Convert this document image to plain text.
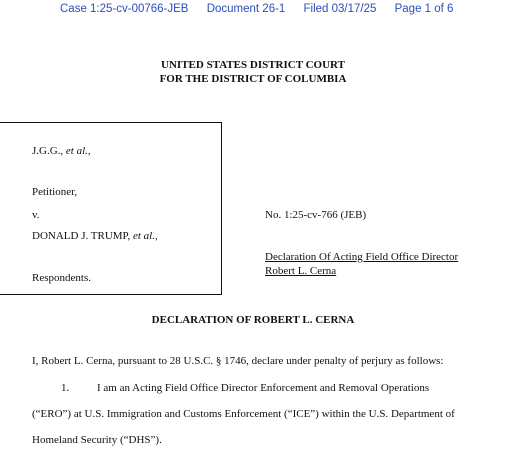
Case 1:25-cv-00766-JEB Document 26-1 Filed 03/17/25 Page 1 of 6
UNITED STATES DISTRICT COURT
FOR THE DISTRICT OF COLUMBIA
J.G.G., et al.,
Petitioner,
v.
DONALD J. TRUMP, et al.,
Respondents.
No. 1:25-cv-766 (JEB)
Declaration Of Acting Field Office Director
Robert L. Cerna
DECLARATION OF ROBERT L. CERNA
I, Robert L. Cerna, pursuant to 28 U.S.C. § 1746, declare under penalty of perjury as follows:
1.	I am an Acting Field Office Director Enforcement and Removal Operations
(“ERO”) at U.S. Immigration and Customs Enforcement (“ICE”) within the U.S. Department of
Homeland Security (“DHS”).
